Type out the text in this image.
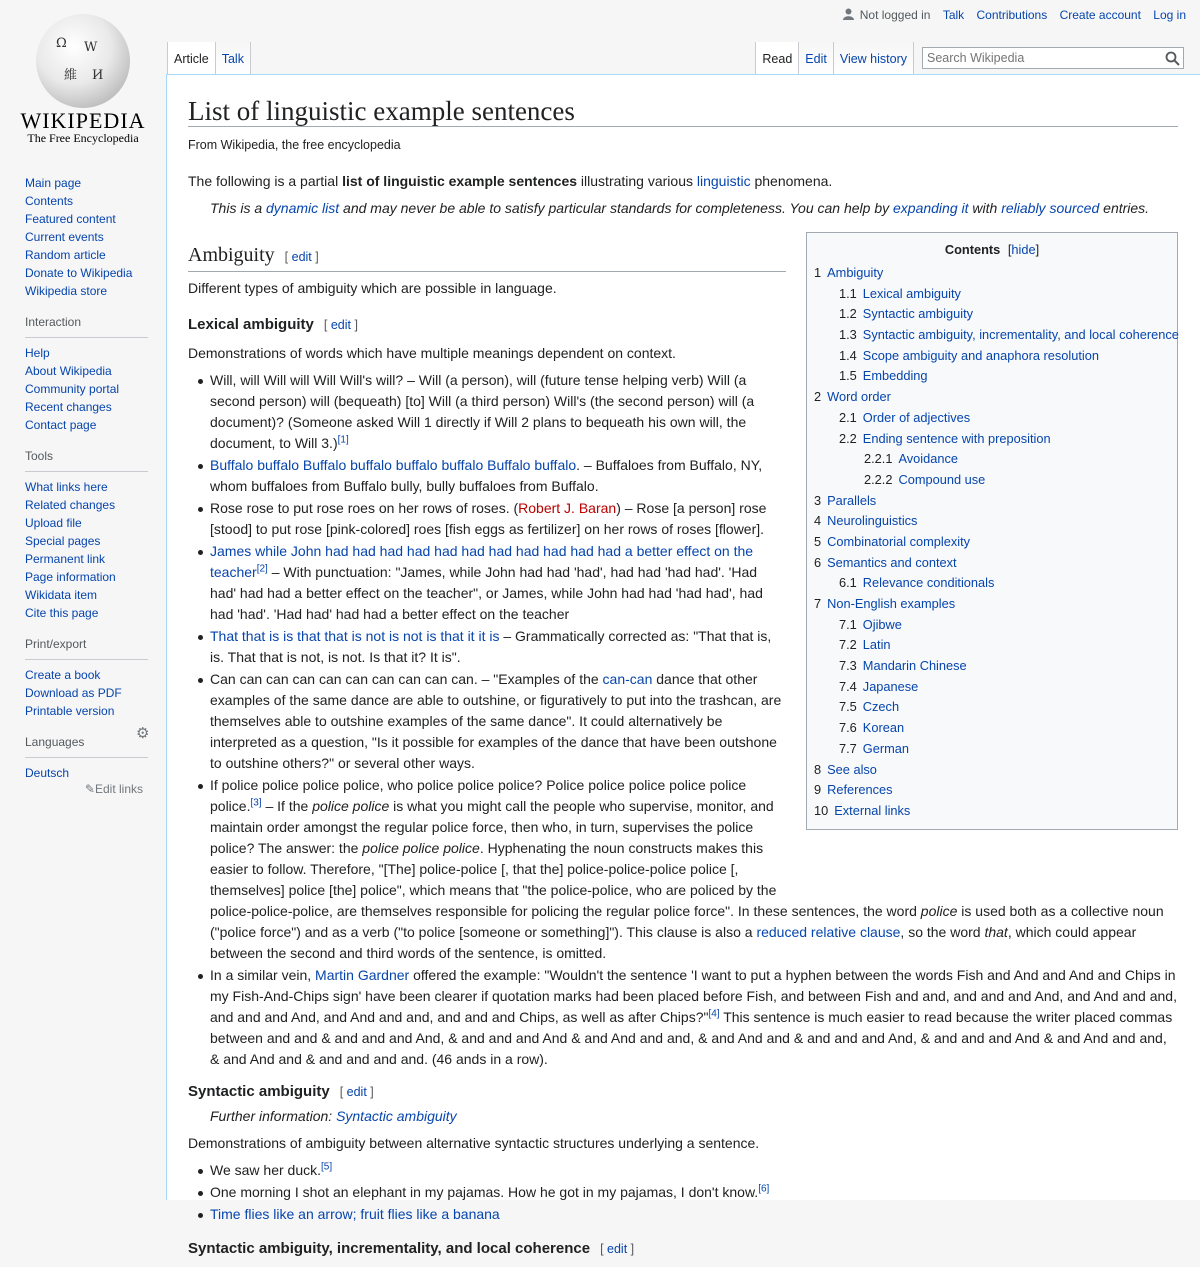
Ω W
維 И
WIKIPEDIA
The Free Encyclopedia
Not logged in Talk Contributions Create account Log in
Article	Talk	Read	Edit	View history
Search Wikipedia
Main page
Contents
Featured content
Current events
Random article
Donate to Wikipedia
Wikipedia store
Interaction
Help
About Wikipedia
Community portal
Recent changes
Contact page
Tools
What links here
Related changes
Upload file
Special pages
Permanent link
Page information
Wikidata item
Cite this page
Print/export
Create a book
Download as PDF
Printable version
Languages	⚙
Deutsch
✎Edit links
List of linguistic example sentences
From Wikipedia, the free encyclopedia
Contents [hide]
1 Ambiguity
1.1 Lexical ambiguity
1.2 Syntactic ambiguity
1.3 Syntactic ambiguity, incrementality, and local coherence
1.4 Scope ambiguity and anaphora resolution
1.5 Embedding
2 Word order
2.1 Order of adjectives
2.2 Ending sentence with preposition
2.2.1 Avoidance
2.2.2 Compound use
3 Parallels
4 Neurolinguistics
5 Combinatorial complexity
6 Semantics and context
6.1 Relevance conditionals
7 Non-English examples
7.1 Ojibwe
7.2 Latin
7.3 Mandarin Chinese
7.4 Japanese
7.5 Czech
7.6 Korean
7.7 German
8 See also
9 References
10 External links

The following is a partial list of linguistic example sentences illustrating various linguistic phenomena.

This is a dynamic list and may never be able to satisfy particular standards for completeness. You can help by expanding it with reliably sourced entries.

Ambiguity [ edit ]

Different types of ambiguity which are possible in language.

Lexical ambiguity [ edit ]

Demonstrations of words which have multiple meanings dependent on context.

Will, will Will will Will Will's will? – Will (a person), will (future tense helping verb) Will (a second person) will (bequeath) [to] Will (a third person) Will's (the second person) will (a document)? (Someone asked Will 1 directly if Will 2 plans to bequeath his own will, the document, to Will 3.)[1]
Buffalo buffalo Buffalo buffalo buffalo buffalo Buffalo buffalo. – Buffaloes from Buffalo, NY, whom buffaloes from Buffalo bully, bully buffaloes from Buffalo.
Rose rose to put rose roes on her rows of roses. (Robert J. Baran) – Rose [a person] rose [stood] to put rose [pink-colored] roes [fish eggs as fertilizer] on her rows of roses [flower].
James while John had had had had had had had had had had had a better effect on the teacher[2] – With punctuation: "James, while John had had 'had', had had 'had had'. 'Had had' had had a better effect on the teacher", or James, while John had had 'had had', had had 'had'. 'Had had' had had a better effect on the teacher
That that is is that that is not is not is that it it is – Grammatically corrected as: "That that is, is. That that is not, is not. Is that it? It is".
Can can can can can can can can can can. – "Examples of the can-can dance that other examples of the same dance are able to outshine, or figuratively to put into the trashcan, are themselves able to outshine examples of the same dance". It could alternatively be interpreted as a question, "Is it possible for examples of the dance that have been outshone to outshine others?" or several other ways.
If police police police police, who police police police? Police police police police police police.[3] – If the police police is what you might call the people who supervise, monitor, and maintain order amongst the regular police force, then who, in turn, supervises the police police? The answer: the police police police. Hyphenating the noun constructs makes this easier to follow. Therefore, "[The] police-police [, that the] police-police-police police [, themselves] police [the] police", which means that "the police-police, who are policed by the police-police-police, are themselves responsible for policing the regular police force". In these sentences, the word police is used both as a collective noun ("police force") and as a verb ("to police [someone or something]"). This clause is also a reduced relative clause, so the word that, which could appear between the second and third words of the sentence, is omitted.
In a similar vein, Martin Gardner offered the example: "Wouldn't the sentence 'I want to put a hyphen between the words Fish and And and And and Chips in my Fish-And-Chips sign' have been clearer if quotation marks had been placed before Fish, and between Fish and and, and and and And, and And and and, and and and And, and And and and, and and and Chips, as well as after Chips?"[4] This sentence is much easier to read because the writer placed commas between and and & and and and And, & and and and And & and And and and, & and And and & and and and And, & and and and And & and And and and, & and And and & and and and and. (46 ands in a row).
Syntactic ambiguity [ edit ]

Further information: Syntactic ambiguity

Demonstrations of ambiguity between alternative syntactic structures underlying a sentence.

We saw her duck.[5]
One morning I shot an elephant in my pajamas. How he got in my pajamas, I don't know.[6]
Time flies like an arrow; fruit flies like a banana
Syntactic ambiguity, incrementality, and local coherence [ edit ]
